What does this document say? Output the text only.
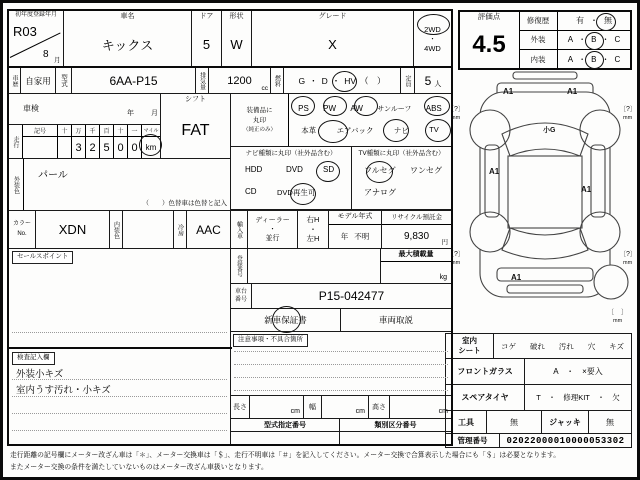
初年度登録年月
R03
8
月
車名
キックス
ドア
5
形状
W
グレード
X
2WD
・
4WD
評価点
4.5
修復歴	有 ・ 無
外装	A ・ B ・ C
内装	A ・ B ・ C
車歴 自家用	型式	6AA-P15	排気量	1200
cc
燃料	G ・ D ・ HV （　）	定員	5 人
車検
年 月
走行
記号	十	万	千	百	十	一	マイル
3 2 5 0 0	km
シフト
FAT
装備品に
丸印
（純正のみ）
PS PW AW サンルーフ ABS
本革	エアバック	ナビ	TV
ナビ種類に丸印（社外品含む）
HDD	DVD	SD
CD	DVD再生可
TV種類に丸印（社外品含む）
フルセグ ワンセグ
アナログ
外装色	パール
（　　）色替車は色替と記入
カラー
No.	XDN	内装色	冷房	AAC	輸入車
ディーラー
・
並行
右H
・
左H
モデル年式
年 不明
リサイクル預託金
9,830
円
セールスポイント	登録番号
最大積載量
kg
車台
番号	P15-042477
新車保証書	車両取説
注意事項・不具合箇所
検査記入欄
外装小キズ
室内うす汚れ・小キズ
長さ
cm
幅
cm
高さ
cm
型式指定番号	類別区分番号
A1	A1
小G
A1
A1
A1
〔?〕
mm
〔?〕
mm
〔?〕
mm
〔?〕
mm
〔　〕
mm
室内
シート	コゲ 破れ 汚れ 穴 キズ
フロントガラス	A　・　×要入
スペアタイヤ	T　・　修理KIT　・　欠
工具	無	ジャッキ	無
管理番号	02022000010000053302
走行距離の記号欄にメーター改ざん車は「＊」、メーター交換車は「＄」、走行不明車は「＃」を記入してください。メーター交換で合算表示した場合にも「＄」は必要となります。
またメーター交換の条件を満たしていないものはメーター改ざん車扱いとなります。
